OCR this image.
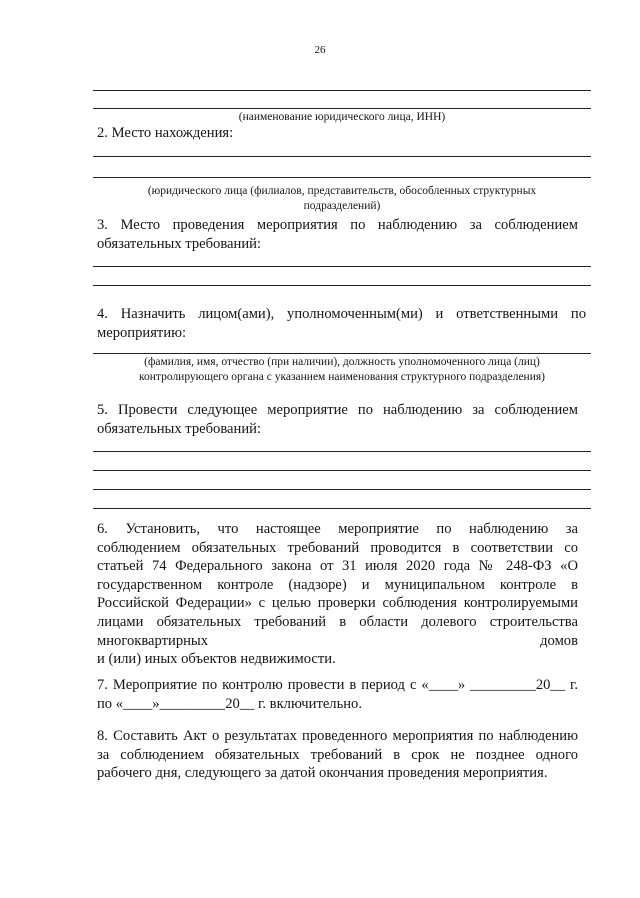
26
(наименование юридического лица, ИНН)
2. Место нахождения:
(юридического лица (филиалов, представительств, обособленных структурных
подразделений)
3. Место проведения мероприятия по наблюдению за соблюдением
обязательных требований:
4. Назначить лицом(ами), уполномоченным(ми) и ответственными по
мероприятию:
(фамилия, имя, отчество (при наличии), должность уполномоченного лица (лиц)
контролирующего органа с указанием наименования структурного подразделения)
5. Провести следующее мероприятие по наблюдению за соблюдением
обязательных требований:
6. Установить, что настоящее мероприятие по наблюдению за
соблюдением обязательных требований проводится в соответствии со
статьей 74 Федерального закона от 31 июля 2020 года № 248-ФЗ «О
государственном контроле (надзоре) и муниципальном контроле в
Российской Федерации» с целью проверки соблюдения контролируемыми
лицами обязательных требований в области долевого строительства
многоквартирных домов
и (или) иных объектов недвижимости.
7. Мероприятие по контролю провести в период с «____» _________20__ г.
по «____»_________20__ г. включительно.
8. Составить Акт о результатах проведенного мероприятия по наблюдению
за соблюдением обязательных требований в срок не позднее одного
рабочего дня, следующего за датой окончания проведения мероприятия.
